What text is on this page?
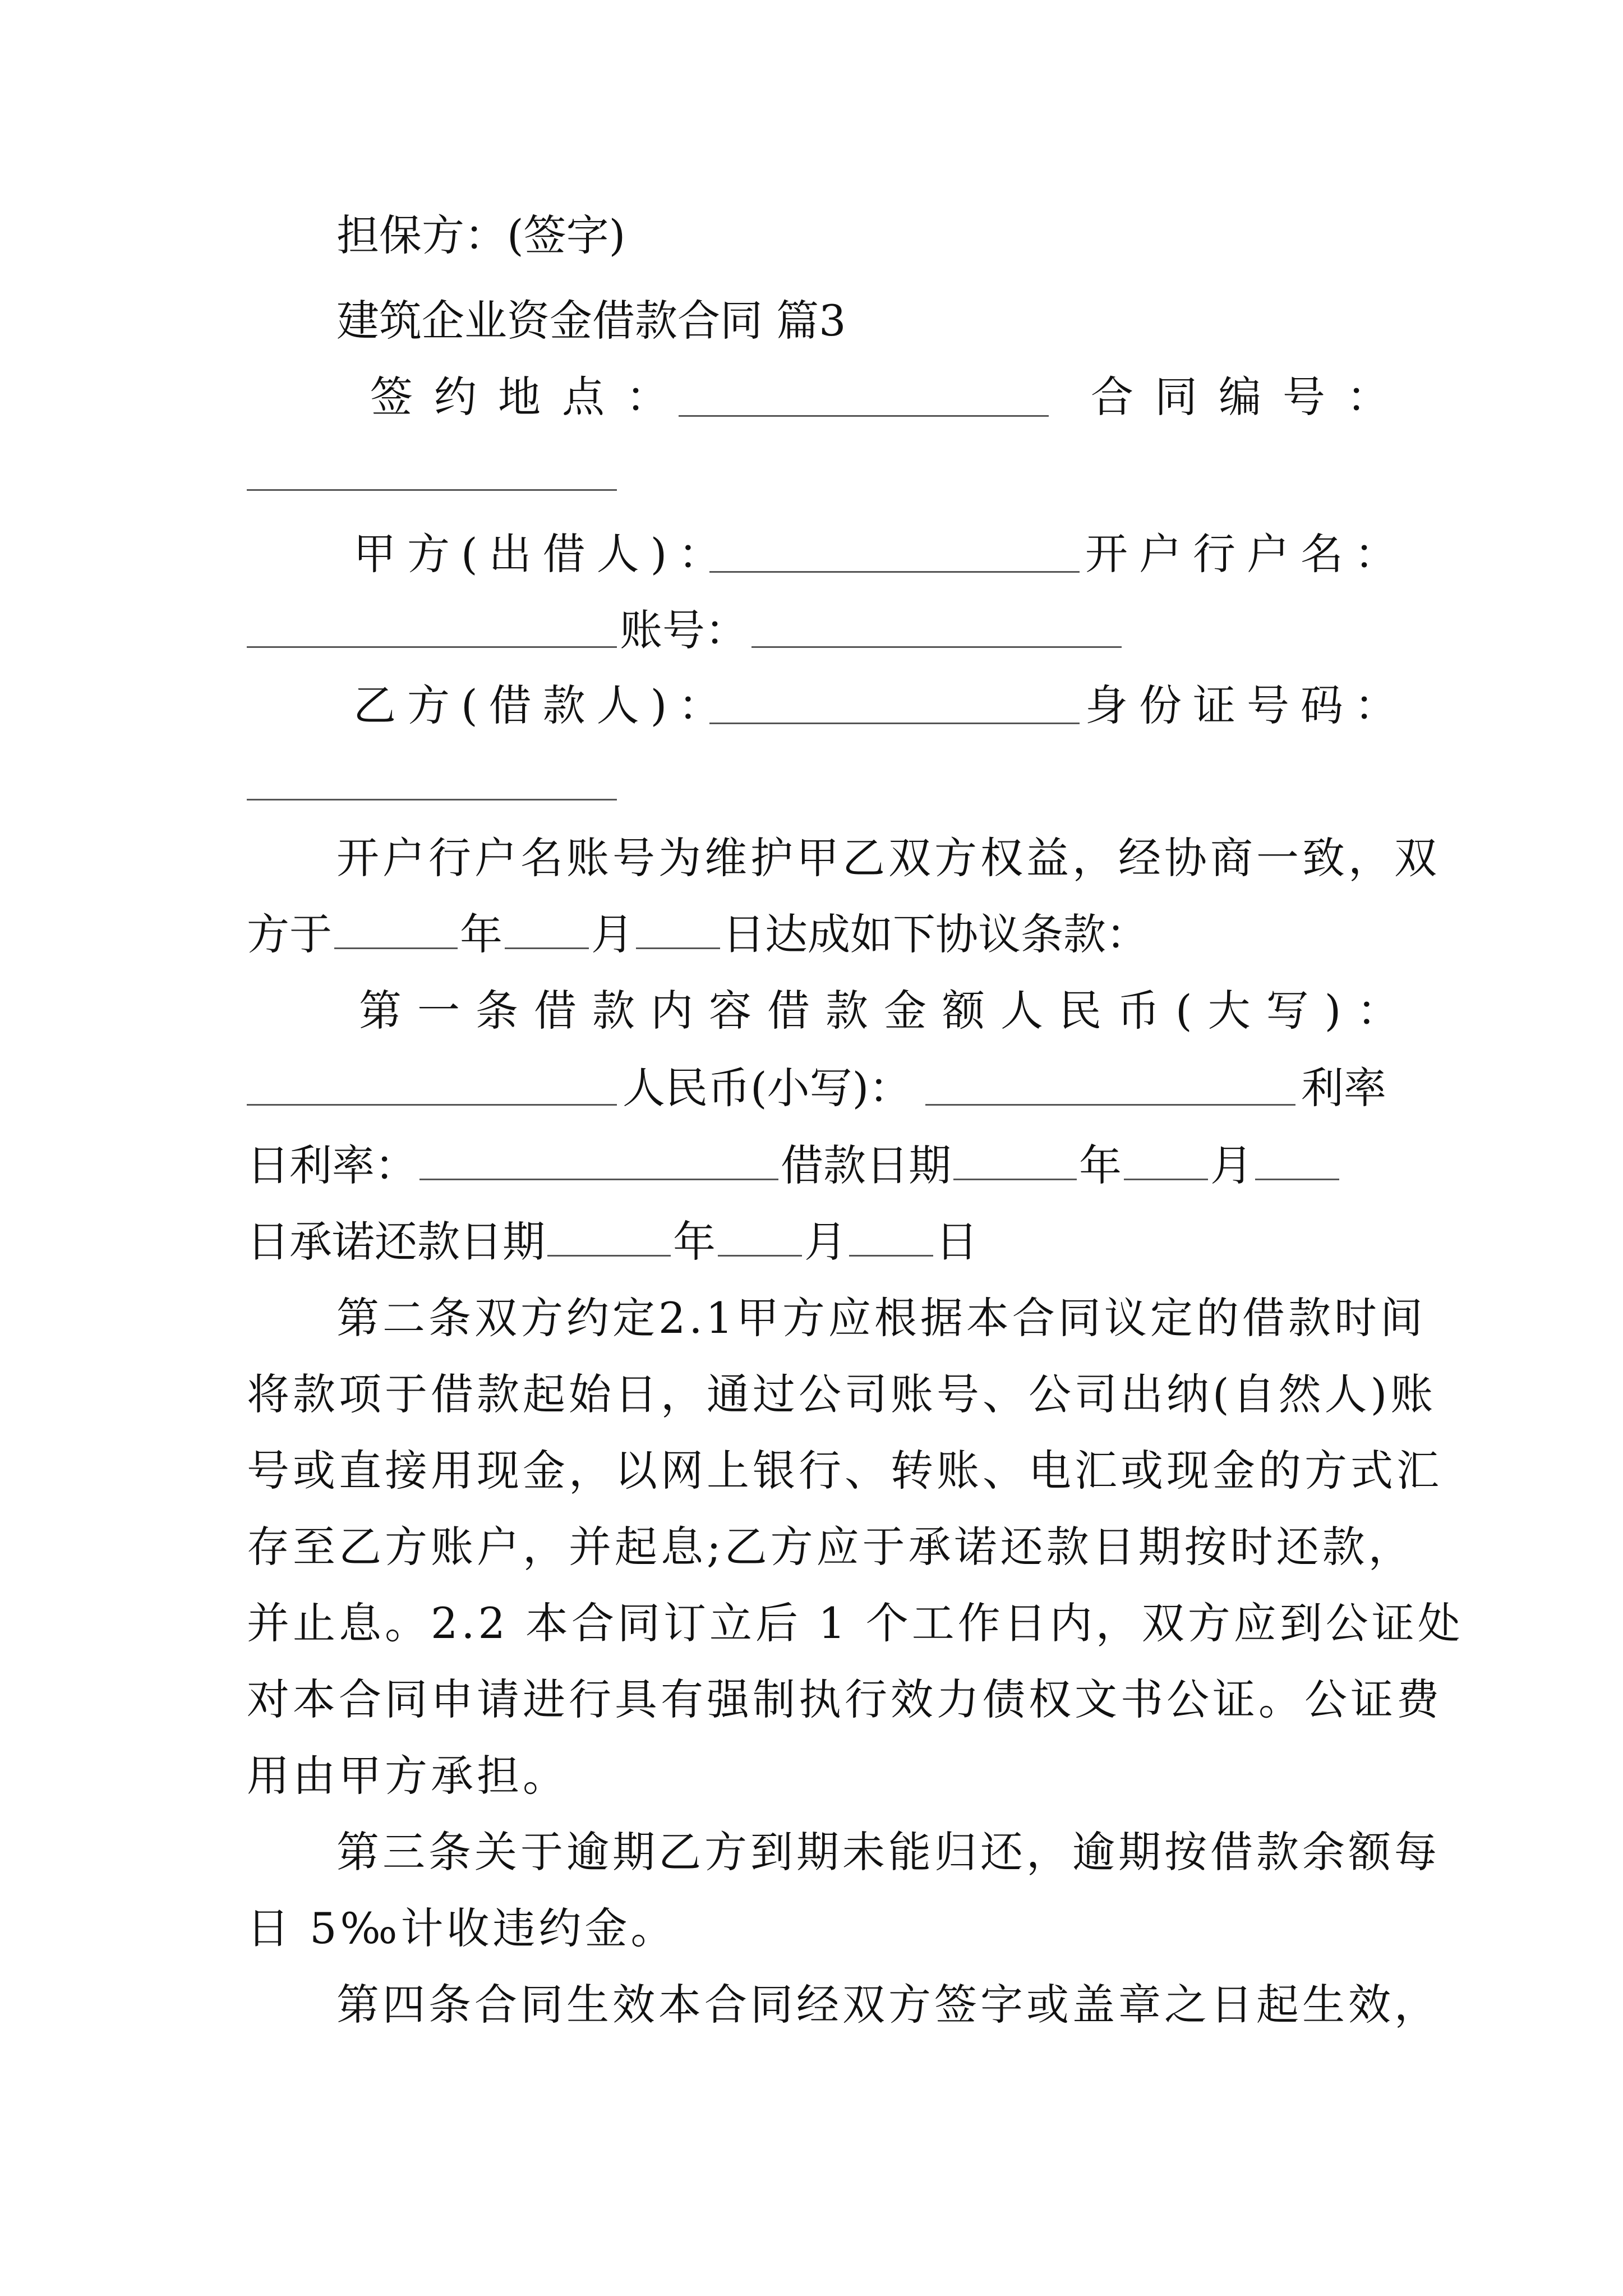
担保方：(签字)
建筑企业资金借款合同 篇3
签约地点：	合同编号：
甲方(出借人)：	开户行户名：
账号：
乙方(借款人)：	身份证号码：
开户行户名账号为维护甲乙双方权益，经协商一致，双
方于	年 月 日达成如下协议条款：
第一条借款内容借款金额人民币(大写)：
人民币(小写)：	利率
日利率：	借款日期	年 月
日承诺还款日期	年 月 日
第二条双方约定2.1甲方应根据本合同议定的借款时间
将款项于借款起始日，通过公司账号、公司出纳(自然人)账
号或直接用现金，以网上银行、转账、电汇或现金的方式汇
存至乙方账户，并起息;乙方应于承诺还款日期按时还款，
并止息。2.2 本合同订立后 1 个工作日内，双方应到公证处
对本合同申请进行具有强制执行效力债权文书公证。公证费
用由甲方承担。
第三条关于逾期乙方到期未能归还，逾期按借款余额每
日 5‰计收违约金。
第四条合同生效本合同经双方签字或盖章之日起生效，
